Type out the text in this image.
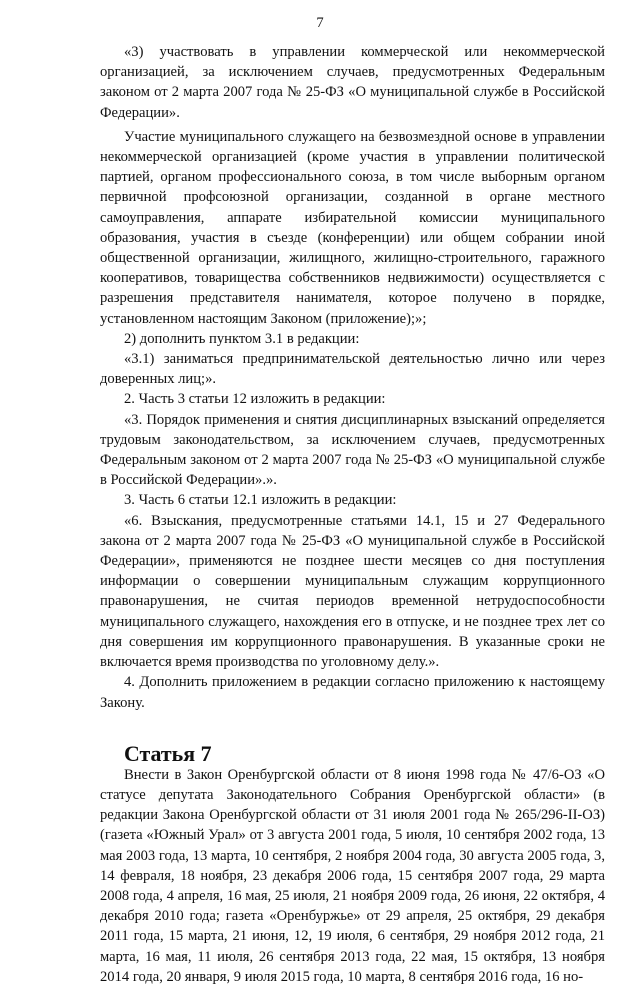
7

«3) участвовать в управлении коммерческой или некоммерческой организацией, за исключением случаев, предусмотренных Федеральным законом от 2 марта 2007 года № 25-ФЗ «О муниципальной службе в Российской Федерации».

Участие муниципального служащего на безвозмездной основе в управлении некоммерческой организацией (кроме участия в управлении политической партией, органом профессионального союза, в том числе выборным органом первичной профсоюзной организации, созданной в органе местного самоуправления, аппарате избирательной комиссии муниципального образования, участия в съезде (конференции) или общем собрании иной общественной организации, жилищного, жилищно-строительного, гаражного кооперативов, товарищества собственников недвижимости) осуществляется с разрешения представителя нанимателя, которое получено в порядке, установленном настоящим Законом (приложение);»;

2) дополнить пунктом 3.1 в редакции:

«3.1) заниматься предпринимательской деятельностью лично или через доверенных лиц;».

2. Часть 3 статьи 12 изложить в редакции:

«3. Порядок применения и снятия дисциплинарных взысканий определяется трудовым законодательством, за исключением случаев, предусмотренных Федеральным законом от 2 марта 2007 года № 25-ФЗ «О муниципальной службе в Российской Федерации».».

3. Часть 6 статьи 12.1 изложить в редакции:

«6. Взыскания, предусмотренные статьями 14.1, 15 и 27 Федерального закона от 2 марта 2007 года № 25-ФЗ «О муниципальной службе в Российской Федерации», применяются не позднее шести месяцев со дня поступления информации о совершении муниципальным служащим коррупционного правонарушения, не считая периодов временной нетрудоспособности муниципального служащего, нахождения его в отпуске, и не позднее трех лет со дня совершения им коррупционного правонарушения. В указанные сроки не включается время производства по уголовному делу.».

4. Дополнить приложением в редакции согласно приложению к настоящему Закону.

Статья 7

Внести в Закон Оренбургской области от 8 июня 1998 года № 47/6-ОЗ «О статусе депутата Законодательного Собрания Оренбургской области» (в редакции Закона Оренбургской области от 31 июля 2001 года № 265/296-II-ОЗ) (газета «Южный Урал» от 3 августа 2001 года, 5 июля, 10 сентября 2002 года, 13 мая 2003 года, 13 марта, 10 сентября, 2 ноября 2004 года, 30 августа 2005 года, 3, 14 февраля, 18 ноября, 23 декабря 2006 года, 15 сентября 2007 года, 29 марта 2008 года, 4 апреля, 16 мая, 25 июля, 21 ноября 2009 года, 26 июня, 22 октября, 4 декабря 2010 года; газета «Оренбуржье» от 29 апреля, 25 октября, 29 декабря 2011 года, 15 марта, 21 июня, 12, 19 июля, 6 сентября, 29 ноября 2012 года, 21 марта, 16 мая, 11 июля, 26 сентября 2013 года, 22 мая, 15 октября, 13 ноября 2014 года, 20 января, 9 июля 2015 года, 10 марта, 8 сентября 2016 года, 16 но-
